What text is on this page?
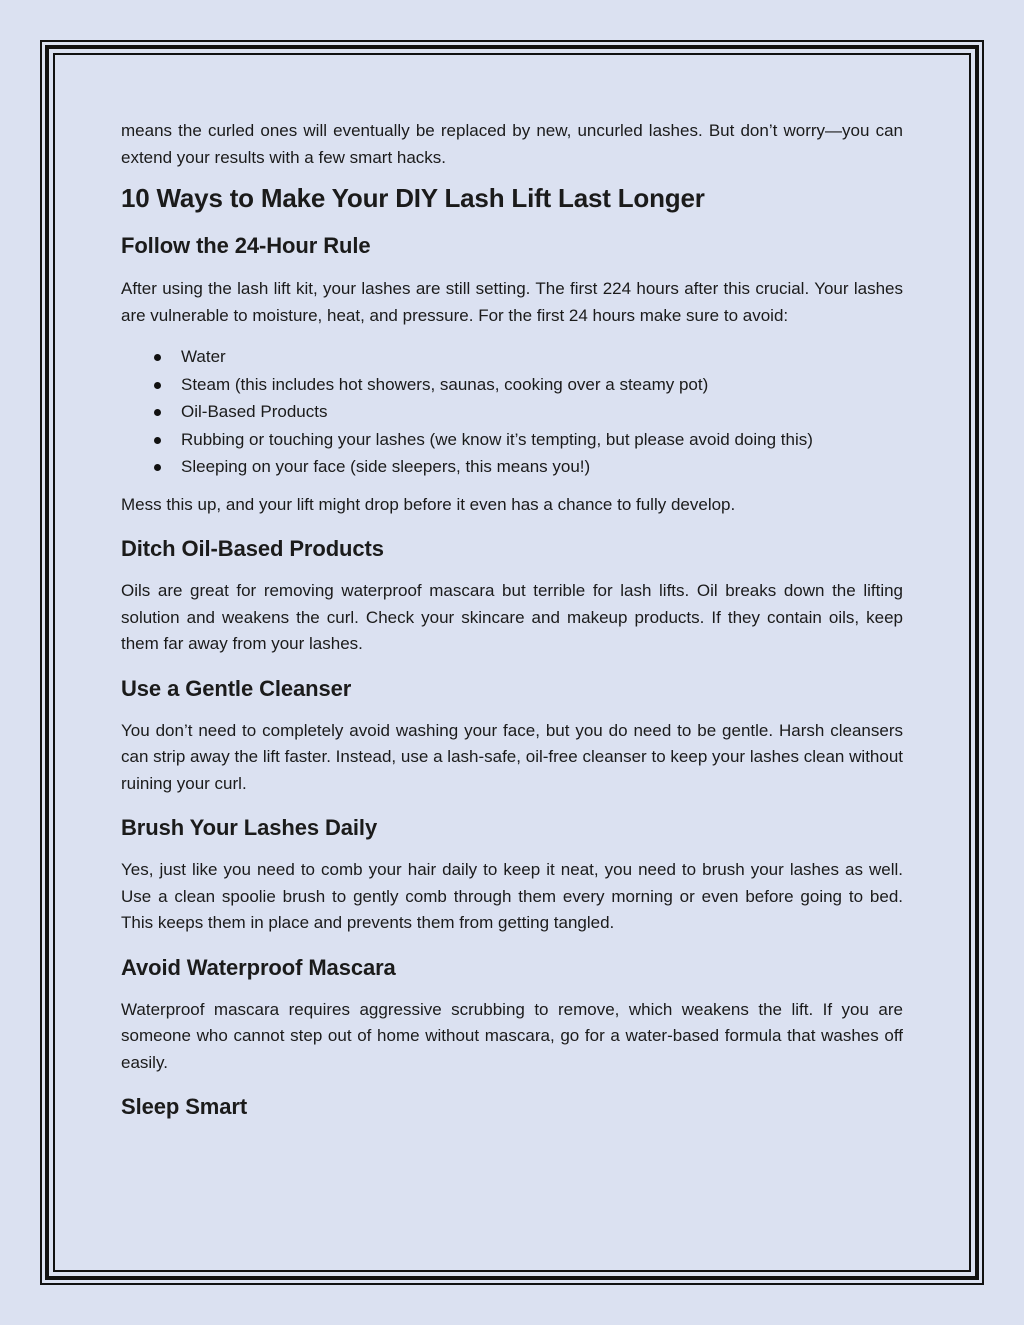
means the curled ones will eventually be replaced by new, uncurled lashes. But don’t worry—you can extend your results with a few smart hacks.

10 Ways to Make Your DIY Lash Lift Last Longer
Follow the 24-Hour Rule

After using the lash lift kit, your lashes are still setting. The first 224 hours after this crucial. Your lashes are vulnerable to moisture, heat, and pressure. For the first 24 hours make sure to avoid:

Water
Steam (this includes hot showers, saunas, cooking over a steamy pot)
Oil-Based Products
Rubbing or touching your lashes (we know it’s tempting, but please avoid doing this)
Sleeping on your face (side sleepers, this means you!)

Mess this up, and your lift might drop before it even has a chance to fully develop.

Ditch Oil-Based Products

Oils are great for removing waterproof mascara but terrible for lash lifts. Oil breaks down the lifting solution and weakens the curl. Check your skincare and makeup products. If they contain oils, keep them far away from your lashes.

Use a Gentle Cleanser

You don’t need to completely avoid washing your face, but you do need to be gentle. Harsh cleansers can strip away the lift faster. Instead, use a lash-safe, oil-free cleanser to keep your lashes clean without ruining your curl.

Brush Your Lashes Daily

Yes, just like you need to comb your hair daily to keep it neat, you need to brush your lashes as well. Use a clean spoolie brush to gently comb through them every morning or even before going to bed. This keeps them in place and prevents them from getting tangled.

Avoid Waterproof Mascara

Waterproof mascara requires aggressive scrubbing to remove, which weakens the lift. If you are someone who cannot step out of home without mascara, go for a water-based formula that washes off easily.

Sleep Smart
